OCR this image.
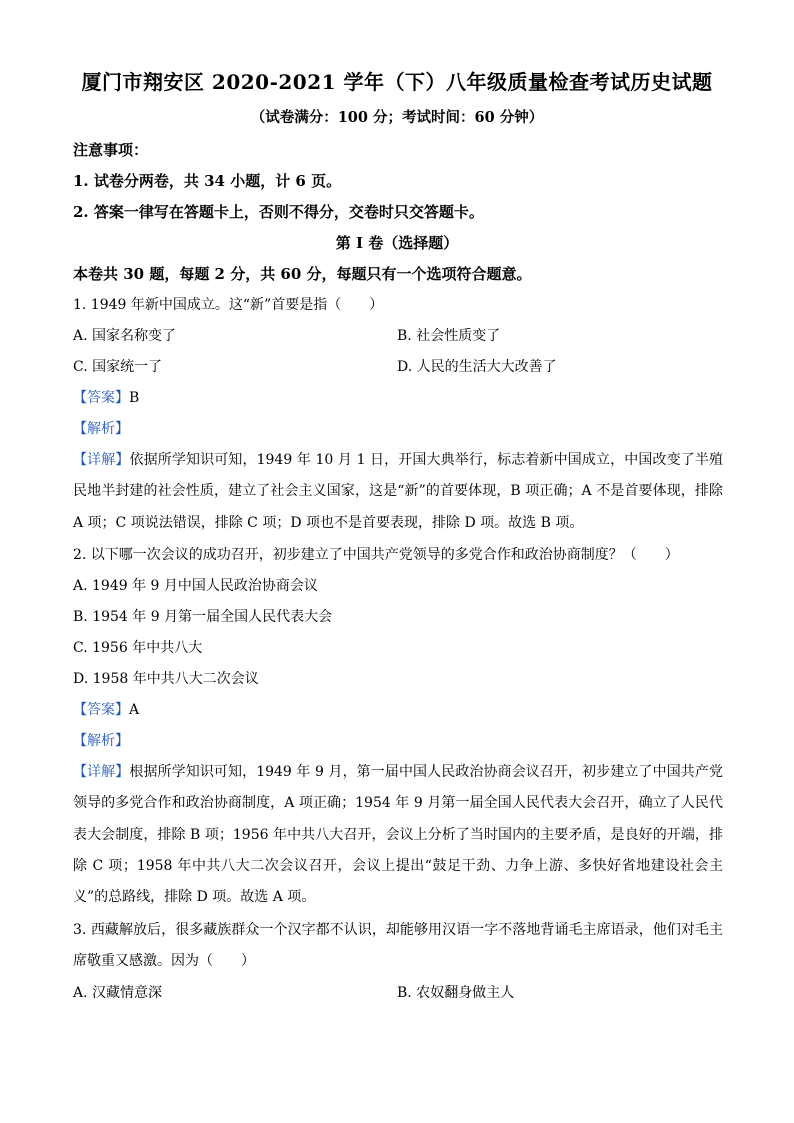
厦门市翔安区 2020-2021 学年（下）八年级质量检查考试历史试题
（试卷满分：100 分；考试时间：60 分钟）
注意事项：
1. 试卷分两卷，共 34 小题，计 6 页。
2. 答案一律写在答题卡上，否则不得分，交卷时只交答题卡。
第 I 卷（选择题）
本卷共 30 题，每题 2 分，共 60 分，每题只有一个选项符合题意。
1. 1949 年新中国成立。这“新”首要是指（　　）
A. 国家名称变了	B. 社会性质变了
C. 国家统一了	D. 人民的生活大大改善了
【答案】B
【解析】
【详解】依据所学知识可知，1949 年 10 月 1 日，开国大典举行，标志着新中国成立，中国改变了半殖民地半封建的社会性质，建立了社会主义国家，这是“新”的首要体现，B 项正确；A 不是首要体现，排除 A 项；C 项说法错误，排除 C 项；D 项也不是首要表现，排除 D 项。故选 B 项。
2. 以下哪一次会议的成功召开，初步建立了中国共产党领导的多党合作和政治协商制度？（　　）
A. 1949 年 9 月中国人民政治协商会议
B. 1954 年 9 月第一届全国人民代表大会
C. 1956 年中共八大
D. 1958 年中共八大二次会议
【答案】A
【解析】
【详解】根据所学知识可知，1949 年 9 月，第一届中国人民政治协商会议召开，初步建立了中国共产党领导的多党合作和政治协商制度，A 项正确；1954 年 9 月第一届全国人民代表大会召开，确立了人民代表大会制度，排除 B 项；1956 年中共八大召开，会议上分析了当时国内的主要矛盾，是良好的开端，排除 C 项；1958 年中共八大二次会议召开，会议上提出“鼓足干劲、力争上游、多快好省地建设社会主义”的总路线，排除 D 项。故选 A 项。
3. 西藏解放后，很多藏族群众一个汉字都不认识，却能够用汉语一字不落地背诵毛主席语录，他们对毛主席敬重又感激。因为（　　）
A. 汉藏情意深	B. 农奴翻身做主人
